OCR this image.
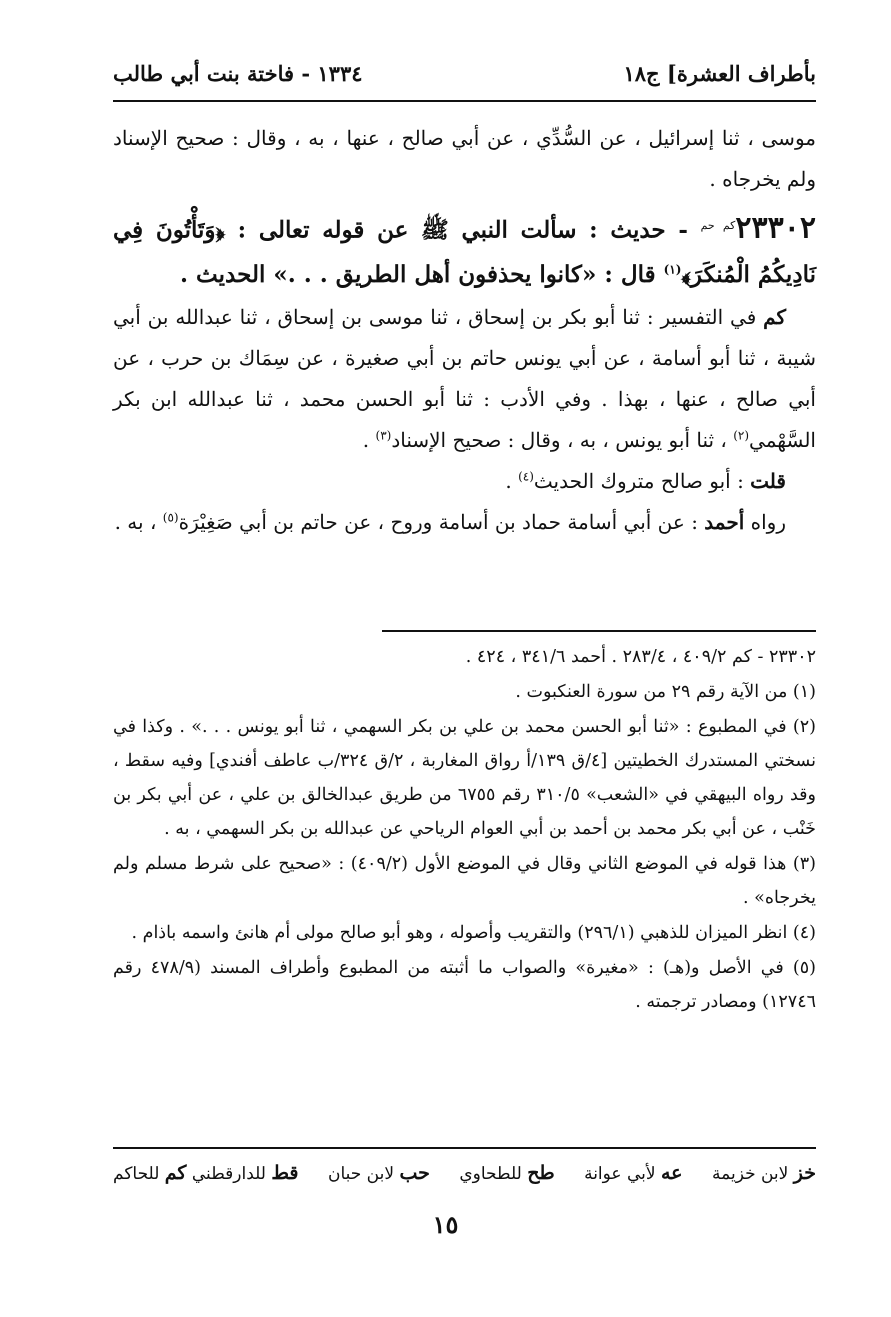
بأطراف العشرة] ج١٨
١٣٣٤ - فاختة بنت أبي طالب

موسى ، ثنا إسرائيل ، عن السُّدِّي ، عن أبي صالح ، عنها ، به ، وقال : صحيح الإسناد ولم يخرجاه .

$٢٣٣٠٢^{كم حم}$ - حديث : سألت النبي ﷺ عن قوله تعالى : ﴿وَتَأْتُونَ فِي نَادِيكُمُ الْمُنكَرَ﴾$^{(١)}$ قال : «كانوا يحذفون أهل الطريق . . .» الحديث .

كم في التفسير : ثنا أبو بكر بن إسحاق ، ثنا موسى بن إسحاق ، ثنا عبدالله بن أبي شيبة ، ثنا أبو أسامة ، عن أبي يونس حاتم بن أبي صغيرة ، عن سِمَاك بن حرب ، عن أبي صالح ، عنها ، بهذا . وفي الأدب : ثنا أبو الحسن محمد ، ثنا عبدالله ابن بكر السَّهْمي$^{(٢)}$ ، ثنا أبو يونس ، به ، وقال : صحيح الإسناد$^{(٣)}$ .

قلت : أبو صالح متروك الحديث$^{(٤)}$ .

رواه أحمد : عن أبي أسامة حماد بن أسامة وروح ، عن حاتم بن أبي صَغِيْرَة$^{(٥)}$ ، به .

٢٣٣٠٢ - كم ٤٠٩/٢ ، ٢٨٣/٤ . أحمد ٣٤١/٦ ، ٤٢٤ .

(١) من الآية رقم ٢٩ من سورة العنكبوت .

(٢) في المطبوع : «ثنا أبو الحسن محمد بن علي بن بكر السهمي ، ثنا أبو يونس . . .» . وكذا في نسختي المستدرك الخطيتين [٤/ق ١٣٩/أ رواق المغاربة ، ٢/ق ٣٢٤/ب عاطف أفندي] وفيه سقط ، وقد رواه البيهقي في «الشعب» ٣١٠/٥ رقم ٦٧٥٥ من طريق عبدالخالق بن علي ، عن أبي بكر بن خَنْب ، عن أبي بكر محمد بن أحمد بن أبي العوام الرياحي عن عبدالله بن بكر السهمي ، به .

(٣) هذا قوله في الموضع الثاني وقال في الموضع الأول (٤٠٩/٢) : «صحيح على شرط مسلم ولم يخرجاه» .

(٤) انظر الميزان للذهبي (٢٩٦/١) والتقريب وأصوله ، وهو أبو صالح مولى أم هانئ واسمه باذام .

(٥) في الأصل و(هـ) : «مغيرة» والصواب ما أثبته من المطبوع وأطراف المسند (٤٧٨/٩ رقم ١٢٧٤٦) ومصادر ترجمته .

خز لابن خزيمة
عه لأبي عوانة
طح للطحاوي
حب لابن حبان
قط للدارقطني كم للحاكم
١٥
